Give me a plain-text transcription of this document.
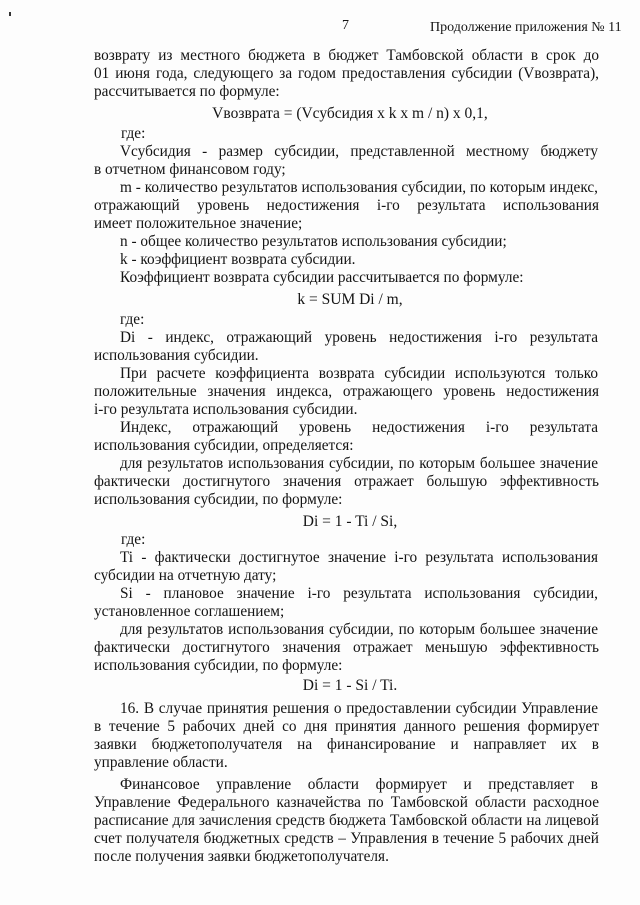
7	Продолжение приложения № 11
возврату из местного бюджета в бюджет Тамбовской области в срок до
01 июня года, следующего за годом предоставления субсидии (Vвозврата),
рассчитывается по формуле:
Vвозврата = (Vсубсидия x k x m / n) x 0,1,
где:
Vсубсидия - размер субсидии, представленной местному бюджету
в отчетном финансовом году;
m - количество результатов использования субсидии, по которым индекс,
отражающий уровень недостижения i-го результата использования
имеет положительное значение;
n - общее количество результатов использования субсидии;
k - коэффициент возврата субсидии.
Коэффициент возврата субсидии рассчитывается по формуле:
k = SUM Di / m,
где:
Di - индекс, отражающий уровень недостижения i-го результата
использования субсидии.
При расчете коэффициента возврата субсидии используются только
положительные значения индекса, отражающего уровень недостижения
i-го результата использования субсидии.
Индекс, отражающий уровень недостижения i-го результата
использования субсидии, определяется:
для результатов использования субсидии, по которым большее значение
фактически достигнутого значения отражает большую эффективность
использования субсидии, по формуле:
Di = 1 - Ti / Si,
где:
Ti - фактически достигнутое значение i-го результата использования
субсидии на отчетную дату;
Si - плановое значение i-го результата использования субсидии,
установленное соглашением;
для результатов использования субсидии, по которым большее значение
фактически достигнутого значения отражает меньшую эффективность
использования субсидии, по формуле:
Di = 1 - Si / Ti.
16. В случае принятия решения о предоставлении субсидии Управление
в течение 5 рабочих дней со дня принятия данного решения формирует
заявки бюджетополучателя на финансирование и направляет их в
управление области.
Финансовое управление области формирует и представляет в
Управление Федерального казначейства по Тамбовской области расходное
расписание для зачисления средств бюджета Тамбовской области на лицевой
счет получателя бюджетных средств – Управления в течение 5 рабочих дней
после получения заявки бюджетополучателя.
